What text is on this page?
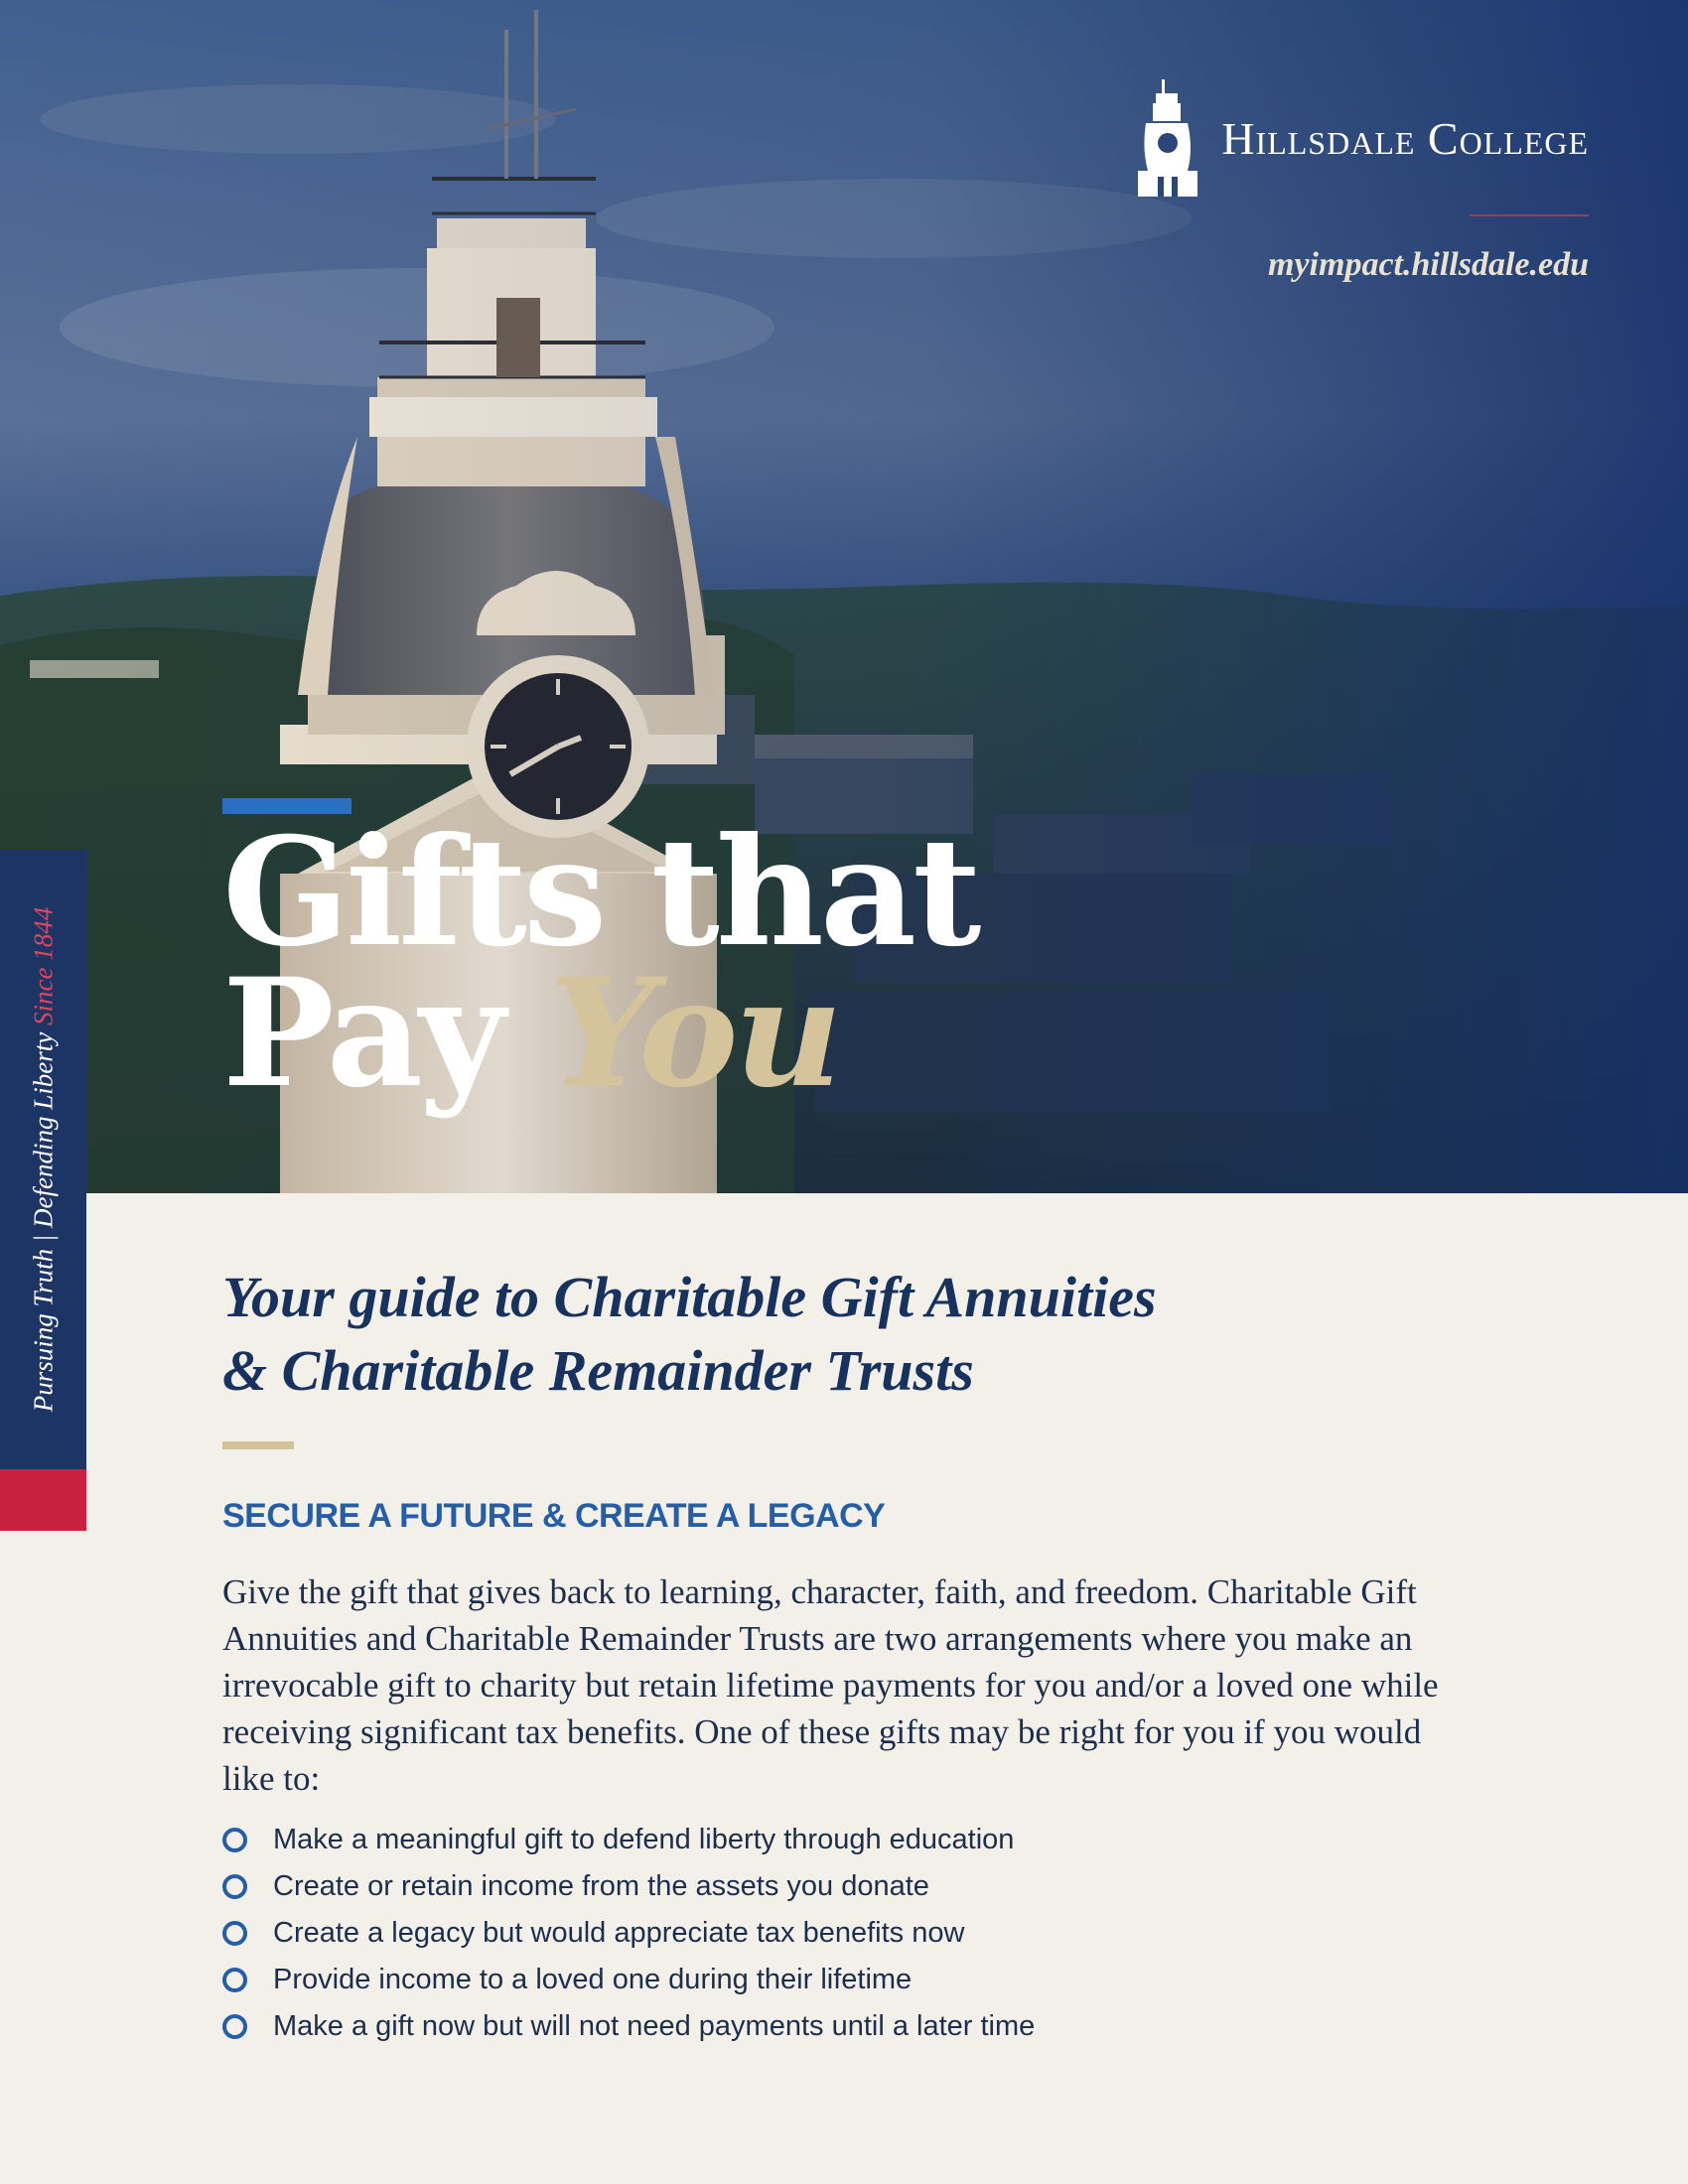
Hillsdale College
myimpact.hillsdale.edu
Gifts that
Pay You
Pursuing Truth | Defending Liberty Since 1844
Your guide to Charitable Gift Annuities
& Charitable Remainder Trusts
SECURE A FUTURE & CREATE A LEGACY

Give the gift that gives back to learning, character, faith, and freedom. Charitable Gift Annuities and Charitable Remainder Trusts are two arrangements where you make an irrevocable gift to charity but retain lifetime payments for you and/or a loved one while receiving significant tax benefits. One of these gifts may be right for you if you would like to:

Make a meaningful gift to defend liberty through education
Create or retain income from the assets you donate
Create a legacy but would appreciate tax benefits now
Provide income to a loved one during their lifetime
Make a gift now but will not need payments until a later time
